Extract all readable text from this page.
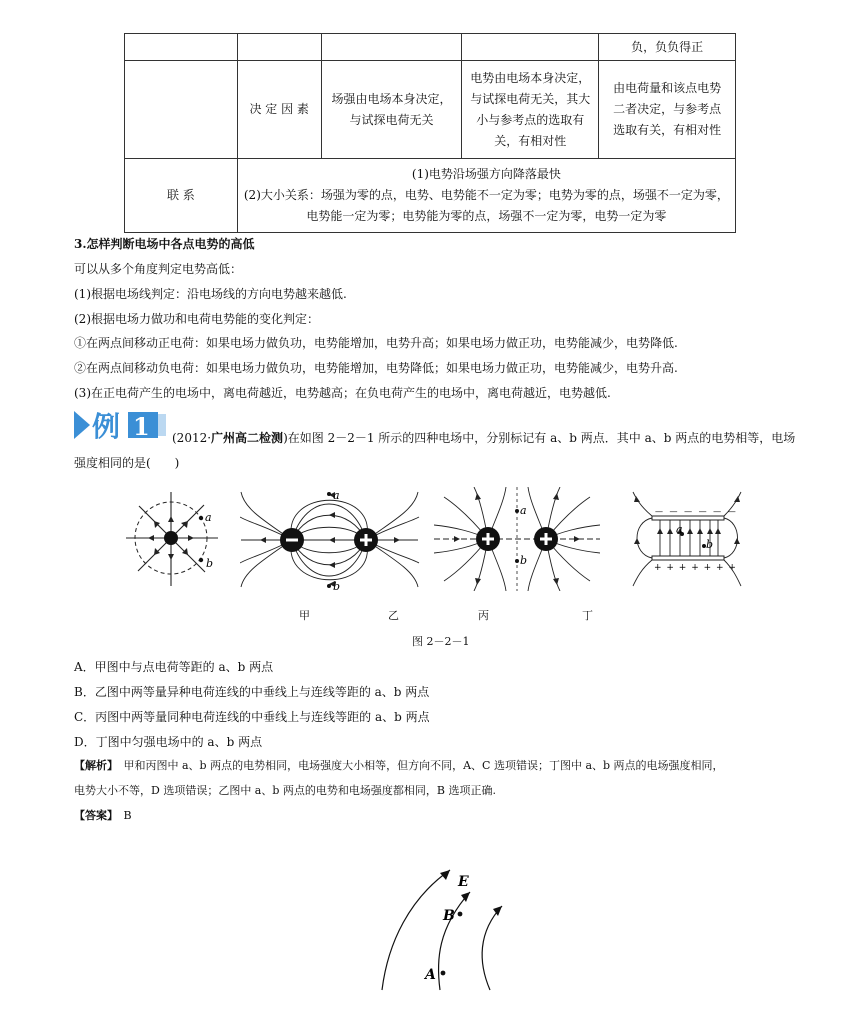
				负，负负得正
	决 定 因 素	场强由电场本身决定，与试探电荷无关	电势由电场本身决定，与试探电荷无关，其大小与参考点的选取有关，有相对性	由电荷量和该点电势二者决定，与参考点选取有关，有相对性
联 系	(1)电势沿场强方向降落最快
(2)大小关系：场强为零的点，电势、电势能不一定为零；电势为零的点，场强不一定为零，电势能一定为零；电势能为零的点，场强不一定为零，电势一定为零			
3.怎样判断电场中各点电势的高低
可以从多个角度判定电势高低：
(1)根据电场线判定：沿电场线的方向电势越来越低.
(2)根据电场力做功和电荷电势能的变化判定：
①在两点间移动正电荷：如果电场力做负功，电势能增加，电势升高；如果电场力做正功，电势能减少，电势降低.
②在两点间移动负电荷：如果电场力做负功，电势能增加，电势降低；如果电场力做正功，电势能减少，电势升高.
(3)在正电荷产生的电场中，离电荷越近，电势越高；在负电荷产生的电场中，离电荷越近，电势越低.
例 1 (2012·广州高二检测)在如图 2－2－1 所示的四种电场中，分别标记有 a、b 两点．其中 a、b 两点的电势相等，电场
强度相同的是(　　)
a
b
a
b
a
b
— — — — — —
+ + + + + + +
a
b
甲	乙	丙	丁
图 2－2－1
A．甲图中与点电荷等距的 a、b 两点
B．乙图中两等量异种电荷连线的中垂线上与连线等距的 a、b 两点
C．丙图中两等量同种电荷连线的中垂线上与连线等距的 a、b 两点
D．丁图中匀强电场中的 a、b 两点
【解析】　 甲和丙图中 a、b 两点的电势相同，电场强度大小相等，但方向不同，A、C 选项错误；丁图中 a、b 两点的电场强度相同，
电势大小不等，D 选项错误；乙图中 a、b 两点的电势和电场强度都相同，B 选项正确.
【答案】　 B
E
B
A
